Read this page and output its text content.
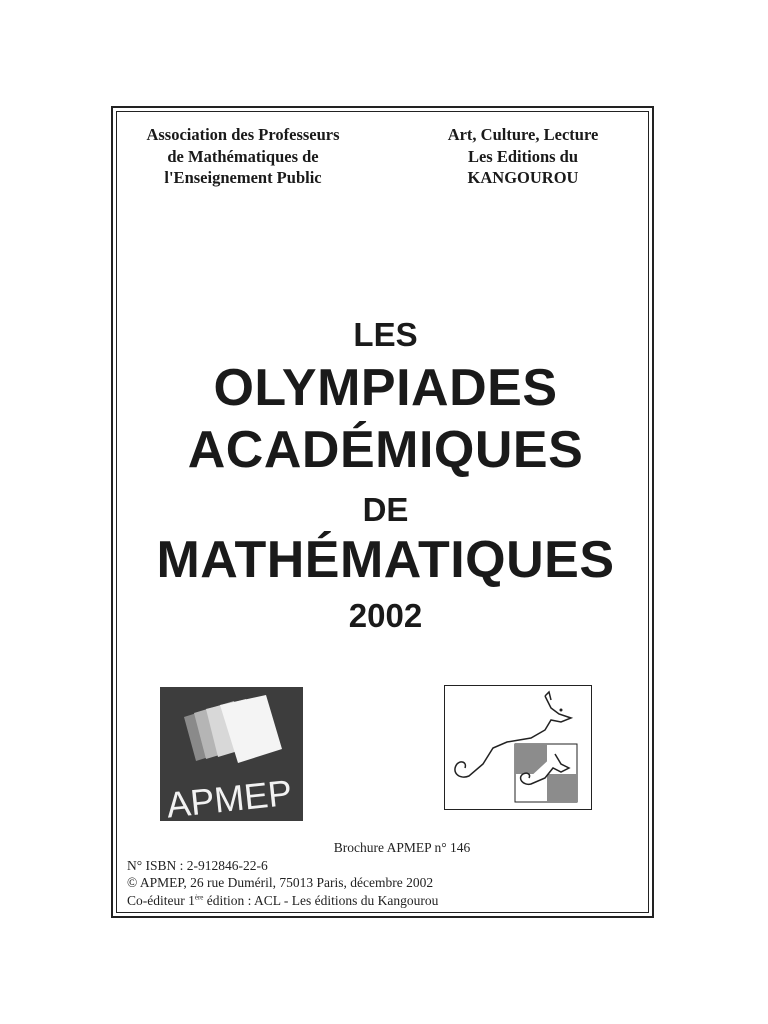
Association des Professeurs
de Mathématiques de
l'Enseignement Public
Art, Culture, Lecture
Les Editions du
KANGOUROU
LES
OLYMPIADES
ACADÉMIQUES
DE
MATHÉMATIQUES
2002
APMEP
Brochure APMEP n° 146
N° ISBN : 2-912846-22-6
© APMEP, 26 rue Duméril, 75013 Paris, décembre 2002
Co-éditeur 1ère édition : ACL - Les éditions du Kangourou
